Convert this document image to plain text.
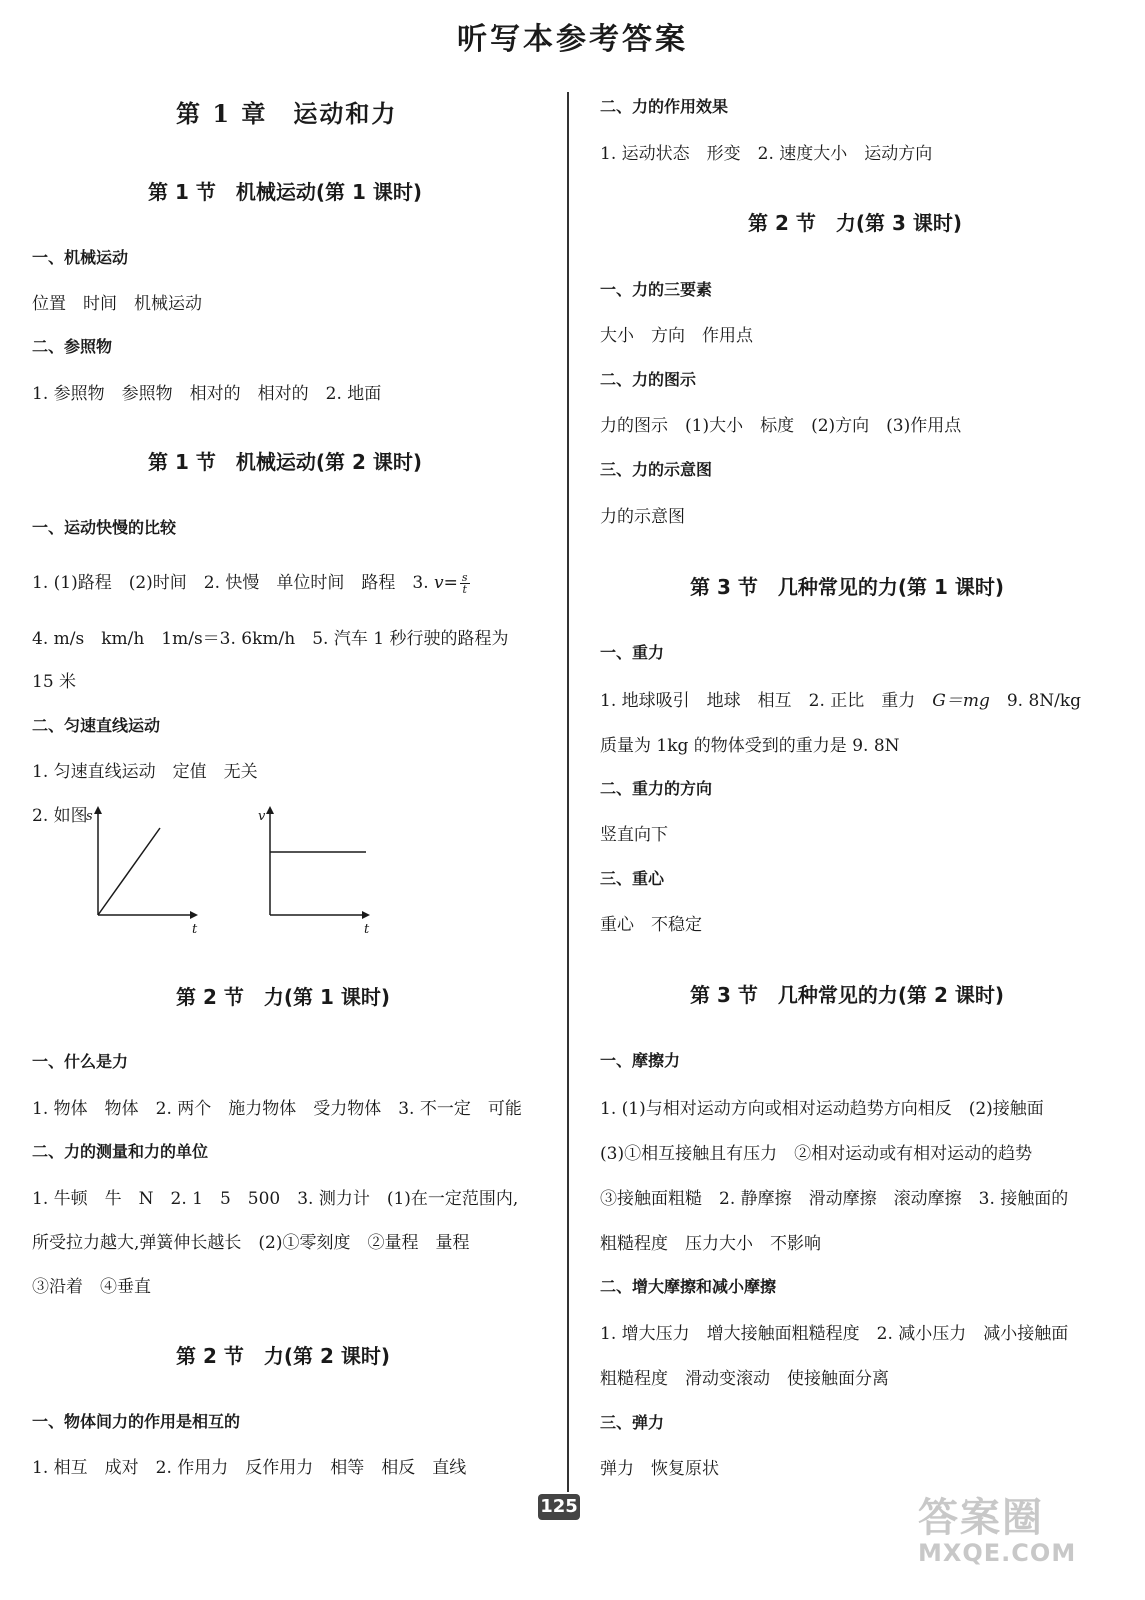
听写本参考答案
第 1 章　运动和力
第 1 节　机械运动(第 1 课时)
一、机械运动
位置　时间　机械运动
二、参照物
1. 参照物　参照物　相对的　相对的　2. 地面
第 1 节　机械运动(第 2 课时)
一、运动快慢的比较
1. (1)路程　(2)时间　2. 快慢　单位时间　路程　3. $v= \frac{s}{t}$
4. m/s　km/h　1m/s＝3. 6km/h　5. 汽车 1 秒行驶的路程为
15 米
二、匀速直线运动
1. 匀速直线运动　定值　无关
2. 如图
s
t
v
t
第 2 节　力(第 1 课时)
一、什么是力
1. 物体　物体　2. 两个　施力物体　受力物体　3. 不一定　可能
二、力的测量和力的单位
1. 牛顿　牛　N　2. 1　5　500　3. 测力计　(1)在一定范围内,
所受拉力越大,弹簧伸长越长　(2)①零刻度　②量程　量程
③沿着　④垂直
第 2 节　力(第 2 课时)
一、物体间力的作用是相互的
1. 相互　成对　2. 作用力　反作用力　相等　相反　直线
二、力的作用效果
1. 运动状态　形变　2. 速度大小　运动方向
第 2 节　力(第 3 课时)
一、力的三要素
大小　方向　作用点
二、力的图示
力的图示　(1)大小　标度　(2)方向　(3)作用点
三、力的示意图
力的示意图
第 3 节　几种常见的力(第 1 课时)
一、重力
1. 地球吸引　地球　相互　2. 正比　重力　G＝mg　9. 8N/kg
质量为 1kg 的物体受到的重力是 9. 8N
二、重力的方向
竖直向下
三、重心
重心　不稳定
第 3 节　几种常见的力(第 2 课时)
一、摩擦力
1. (1)与相对运动方向或相对运动趋势方向相反　(2)接触面
(3)①相互接触且有压力　②相对运动或有相对运动的趋势
③接触面粗糙　2. 静摩擦　滑动摩擦　滚动摩擦　3. 接触面的
粗糙程度　压力大小　不影响
二、增大摩擦和减小摩擦
1. 增大压力　增大接触面粗糙程度　2. 减小压力　减小接触面
粗糙程度　滑动变滚动　使接触面分离
三、弹力
弹力　恢复原状
125	答案圈
MXQE.COM
